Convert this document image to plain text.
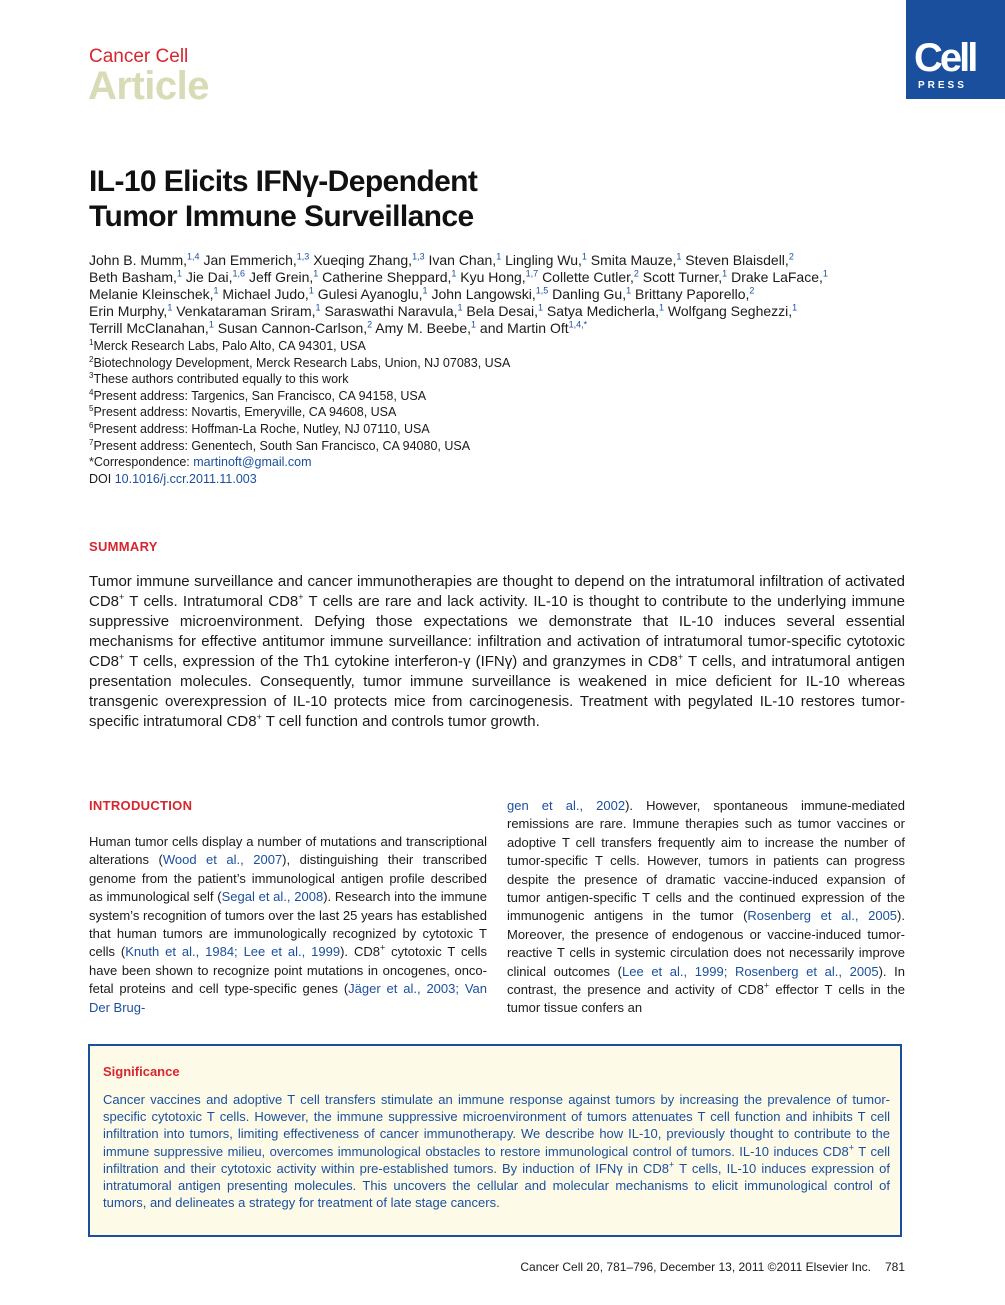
Cancer Cell
Article
Cell
PRESS
IL-10 Elicits IFNγ-Dependent
Tumor Immune Surveillance
John B. Mumm,$^{1,4}$ Jan Emmerich,$^{1,3}$ Xueqing Zhang,$^{1,3}$ Ivan Chan,$^1$ Lingling Wu,$^1$ Smita Mauze,$^1$ Steven Blaisdell,$^2$
Beth Basham,$^1$ Jie Dai,$^{1,6}$ Jeff Grein,$^1$ Catherine Sheppard,$^1$ Kyu Hong,$^{1,7}$ Collette Cutler,$^2$ Scott Turner,$^1$ Drake LaFace,$^1$
Melanie Kleinschek,$^1$ Michael Judo,$^1$ Gulesi Ayanoglu,$^1$ John Langowski,$^{1,5}$ Danling Gu,$^1$ Brittany Paporello,$^2$
Erin Murphy,$^1$ Venkataraman Sriram,$^1$ Saraswathi Naravula,$^1$ Bela Desai,$^1$ Satya Medicherla,$^1$ Wolfgang Seghezzi,$^1$
Terrill McClanahan,$^1$ Susan Cannon-Carlson,$^2$ Amy M. Beebe,$^1$ and Martin Oft$^{1,4,*}$
$^1$Merck Research Labs, Palo Alto, CA 94301, USA
$^2$Biotechnology Development, Merck Research Labs, Union, NJ 07083, USA
$^3$These authors contributed equally to this work
$^4$Present address: Targenics, San Francisco, CA 94158, USA
$^5$Present address: Novartis, Emeryville, CA 94608, USA
$^6$Present address: Hoffman-La Roche, Nutley, NJ 07110, USA
$^7$Present address: Genentech, South San Francisco, CA 94080, USA
*Correspondence: martinoft@gmail.com
DOI 10.1016/j.ccr.2011.11.003
SUMMARY
Tumor immune surveillance and cancer immunotherapies are thought to depend on the intratumoral infiltration of activated CD8+ T cells. Intratumoral CD8+ T cells are rare and lack activity. IL-10 is thought to contribute to the underlying immune suppressive microenvironment. Defying those expectations we demonstrate that IL-10 induces several essential mechanisms for effective antitumor immune surveillance: infiltration and activation of intratumoral tumor-specific cytotoxic CD8+ T cells, expression of the Th1 cytokine interferon-γ (IFNγ) and granzymes in CD8+ T cells, and intratumoral antigen presentation molecules. Consequently, tumor immune surveillance is weakened in mice deficient for IL-10 whereas transgenic overexpression of IL-10 protects mice from carcinogenesis. Treatment with pegylated IL-10 restores tumor-specific intratumoral CD8+ T cell function and controls tumor growth.
INTRODUCTION
Human tumor cells display a number of mutations and transcriptional alterations (Wood et al., 2007), distinguishing their transcribed genome from the patient’s immunological antigen profile described as immunological self (Segal et al., 2008). Research into the immune system’s recognition of tumors over the last 25 years has established that human tumors are immunologically recognized by cytotoxic T cells (Knuth et al., 1984; Lee et al., 1999). CD8+ cytotoxic T cells have been shown to recognize point mutations in oncogenes, onco-fetal proteins and cell type-specific genes (Jäger et al., 2003; Van Der Brug-
gen et al., 2002). However, spontaneous immune-mediated remissions are rare. Immune therapies such as tumor vaccines or adoptive T cell transfers frequently aim to increase the number of tumor-specific T cells. However, tumors in patients can progress despite the presence of dramatic vaccine-induced expansion of tumor antigen-specific T cells and the continued expression of the immunogenic antigens in the tumor (Rosenberg et al., 2005). Moreover, the presence of endogenous or vaccine-induced tumor-reactive T cells in systemic circulation does not necessarily improve clinical outcomes (Lee et al., 1999; Rosenberg et al., 2005). In contrast, the presence and activity of CD8+ effector T cells in the tumor tissue confers an
Significance
Cancer vaccines and adoptive T cell transfers stimulate an immune response against tumors by increasing the prevalence of tumor-specific cytotoxic T cells. However, the immune suppressive microenvironment of tumors attenuates T cell function and inhibits T cell infiltration into tumors, limiting effectiveness of cancer immunotherapy. We describe how IL-10, previously thought to contribute to the immune suppressive milieu, overcomes immunological obstacles to restore immunological control of tumors. IL-10 induces CD8+ T cell infiltration and their cytotoxic activity within pre-established tumors. By induction of IFNγ in CD8+ T cells, IL-10 induces expression of intratumoral antigen presenting molecules. This uncovers the cellular and molecular mechanisms to elicit immunological control of tumors, and delineates a strategy for treatment of late stage cancers.
Cancer Cell 20, 781–796, December 13, 2011 ©2011 Elsevier Inc. 781
